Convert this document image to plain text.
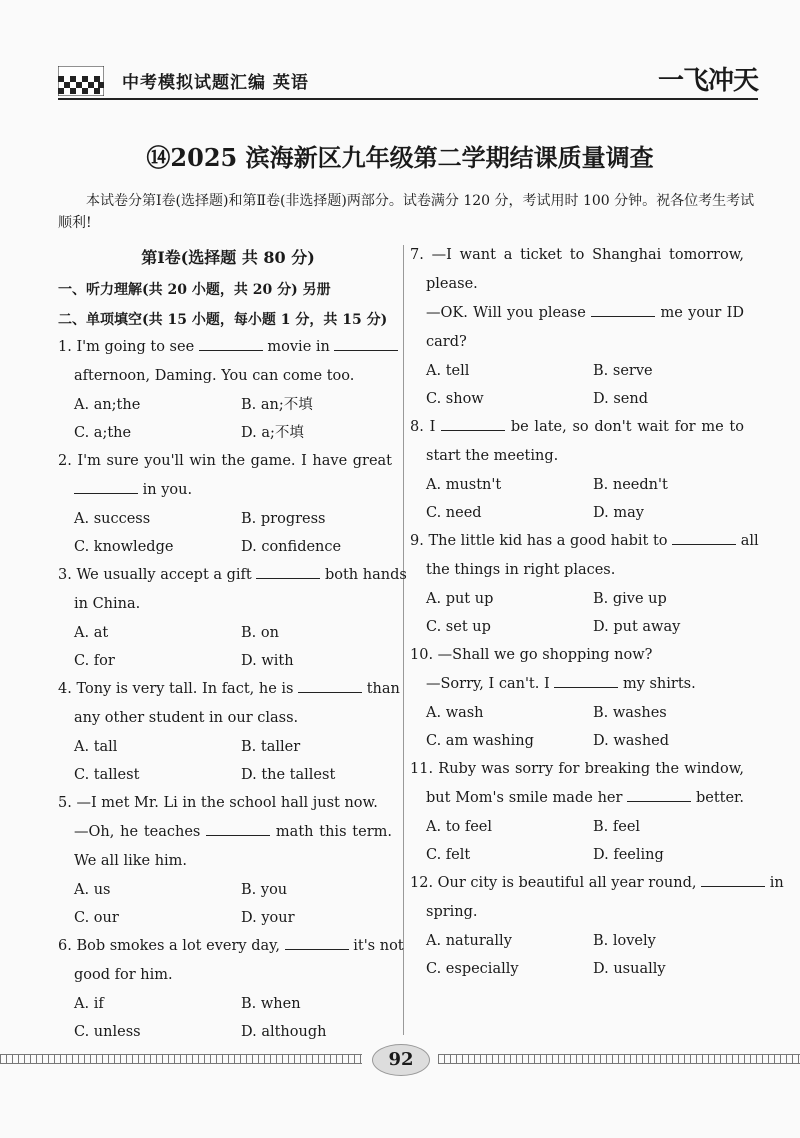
中考模拟试题汇编 英语	一飞冲天
⑭2025 滨海新区九年级第二学期结课质量调查
本试卷分第Ⅰ卷(选择题)和第Ⅱ卷(非选择题)两部分。试卷满分 120 分，考试用时 100 分钟。祝各位考生考试顺利!
第Ⅰ卷(选择题 共 80 分)
一、听力理解(共 20 小题，共 20 分) 另册
二、单项填空(共 15 小题，每小题 1 分，共 15 分)
1. I'm going to see	movie in
afternoon, Daming. You can come too.
A. an;the	B. an;不填
C. a;the	D. a;不填
2. I'm sure you'll win the game. I have great
in you.
A. success	B. progress
C. knowledge	D. confidence
3. We usually accept a gift	both hands
in China.
A. at	B. on
C. for	D. with
4. Tony is very tall. In fact, he is	than
any other student in our class.
A. tall	B. taller
C. tallest	D. the tallest
5. —I met Mr. Li in the school hall just now.
—Oh, he teaches	math this term.
We all like him.
A. us	B. you
C. our	D. your
6. Bob smokes a lot every day,	it's not
good for him.
A. if	B. when
C. unless	D. although
7. —I want a ticket to Shanghai tomorrow,
please.
—OK. Will you please	me your ID
card?
A. tell	B. serve
C. show	D. send
8. I	be late, so don't wait for me to
start the meeting.
A. mustn't	B. needn't
C. need	D. may
9. The little kid has a good habit to	all
the things in right places.
A. put up	B. give up
C. set up	D. put away
10. —Shall we go shopping now?
—Sorry, I can't. I	my shirts.
A. wash	B. washes
C. am washing	D. washed
11. Ruby was sorry for breaking the window,
but Mom's smile made her	better.
A. to feel	B. feel
C. felt	D. feeling
12. Our city is beautiful all year round,	in
spring.
A. naturally	B. lovely
C. especially	D. usually
92
